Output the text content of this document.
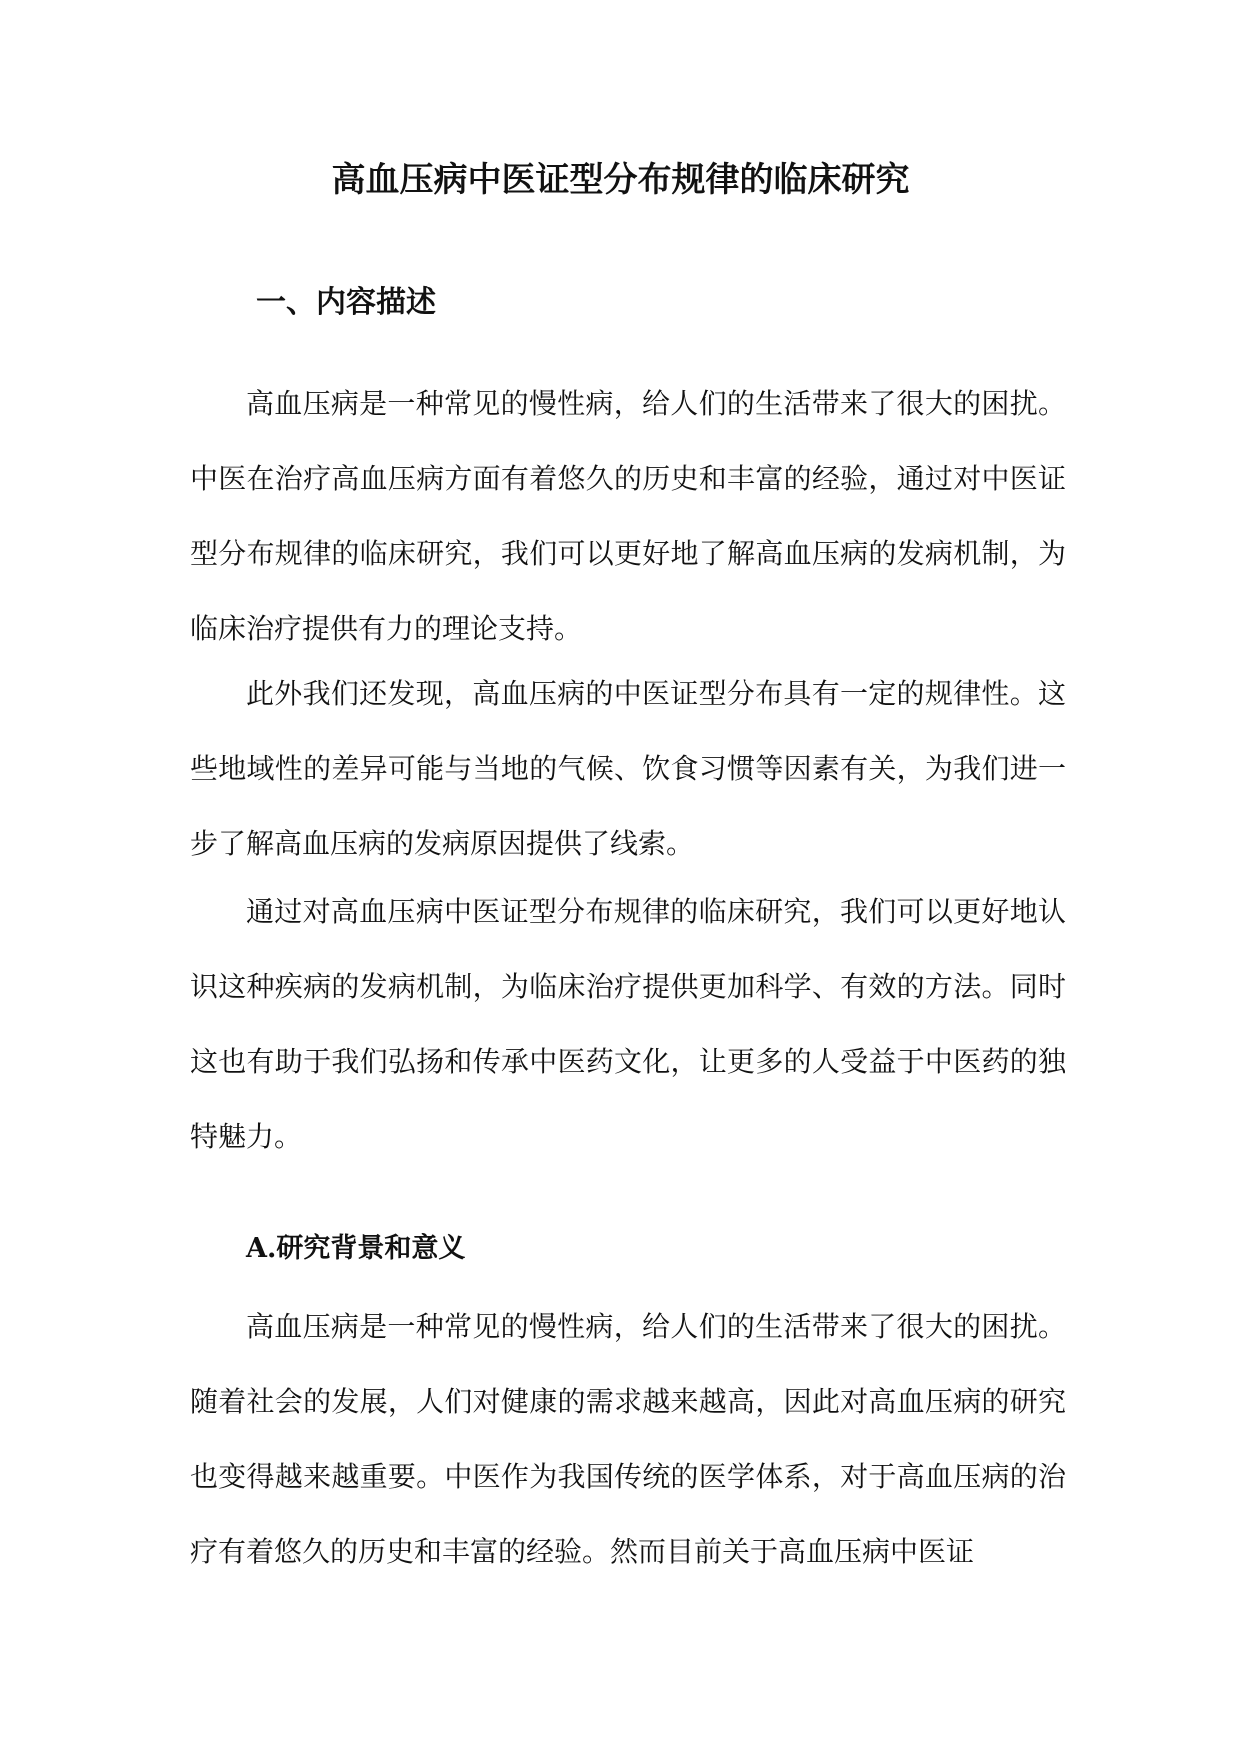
高血压病中医证型分布规律的临床研究
一、内容描述

高血压病是一种常见的慢性病，给人们的生活带来了很大的困扰。中医在治疗高血压病方面有着悠久的历史和丰富的经验，通过对中医证型分布规律的临床研究，我们可以更好地了解高血压病的发病机制，为临床治疗提供有力的理论支持。

此外我们还发现，高血压病的中医证型分布具有一定的规律性。这些地域性的差异可能与当地的气候、饮食习惯等因素有关，为我们进一步了解高血压病的发病原因提供了线索。

通过对高血压病中医证型分布规律的临床研究，我们可以更好地认识这种疾病的发病机制，为临床治疗提供更加科学、有效的方法。同时这也有助于我们弘扬和传承中医药文化，让更多的人受益于中医药的独特魅力。

A.研究背景和意义

高血压病是一种常见的慢性病，给人们的生活带来了很大的困扰。随着社会的发展，人们对健康的需求越来越高，因此对高血压病的研究也变得越来越重要。中医作为我国传统的医学体系，对于高血压病的治疗有着悠久的历史和丰富的经验。然而目前关于高血压病中医证
